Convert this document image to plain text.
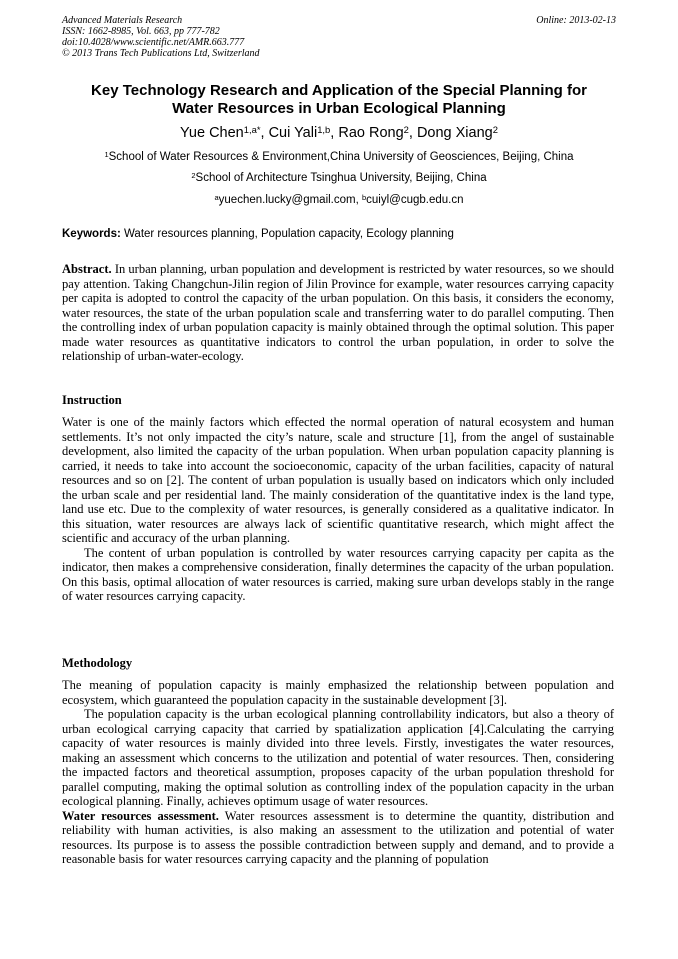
Advanced Materials Research
ISSN: 1662-8985, Vol. 663, pp 777-782
doi:10.4028/www.scientific.net/AMR.663.777
© 2013 Trans Tech Publications Ltd, Switzerland
Online: 2013-02-13
Key Technology Research and Application of the Special Planning for
Water Resources in Urban Ecological Planning
Yue Chen$^{1,a*}$, Cui Yali$^{1,b}$, Rao Rong$^2$, Dong Xiang$^2$
$^1$School of Water Resources & Environment,China University of Geosciences, Beijing, China
$^2$School of Architecture Tsinghua University, Beijing, China
$^a$yuechen.lucky@gmail.com, $^b$cuiyl@cugb.edu.cn
Keywords: Water resources planning, Population capacity, Ecology planning

Abstract. In urban planning, urban population and development is restricted by water resources, so we should pay attention. Taking Changchun-Jilin region of Jilin Province for example, water resources carrying capacity per capita is adopted to control the capacity of the urban population. On this basis, it considers the economy, water resources, the state of the urban population scale and transferring water to do parallel computing. Then the controlling index of urban population capacity is mainly obtained through the optimal solution. This paper made water resources as quantitative indicators to control the urban population, in order to solve the relationship of urban-water-ecology.

Instruction

Water is one of the mainly factors which effected the normal operation of natural ecosystem and human settlements. It’s not only impacted the city’s nature, scale and structure [1], from the angel of sustainable development, also limited the capacity of the urban population. When urban population capacity planning is carried, it needs to take into account the socioeconomic, capacity of the urban facilities, capacity of natural resources and so on [2]. The content of urban population is usually based on indicators which only included the urban scale and per residential land. The mainly consideration of the quantitative index is the land type, land use etc. Due to the complexity of water resources, is generally considered as a qualitative indicator. In this situation, water resources are always lack of scientific quantitative research, which might affect the scientific and accuracy of the urban planning.

The content of urban population is controlled by water resources carrying capacity per capita as the indicator, then makes a comprehensive consideration, finally determines the capacity of the urban population. On this basis, optimal allocation of water resources is carried, making sure urban develops stably in the range of water resources carrying capacity.

Methodology

The meaning of population capacity is mainly emphasized the relationship between population and ecosystem, which guaranteed the population capacity in the sustainable development [3].

The population capacity is the urban ecological planning controllability indicators, but also a theory of urban ecological carrying capacity that carried by spatialization application [4].Calculating the carrying capacity of water resources is mainly divided into three levels. Firstly, investigates the water resources, making an assessment which concerns to the utilization and potential of water resources. Then, considering the impacted factors and theoretical assumption, proposes capacity of the urban population threshold for parallel computing, making the optimal solution as controlling index of the population capacity in the urban ecological planning. Finally, achieves optimum usage of water resources.

Water resources assessment. Water resources assessment is to determine the quantity, distribution and reliability with human activities, is also making an assessment to the utilization and potential of water resources. Its purpose is to assess the possible contradiction between supply and demand, and to provide a reasonable basis for water resources carrying capacity and the planning of population
